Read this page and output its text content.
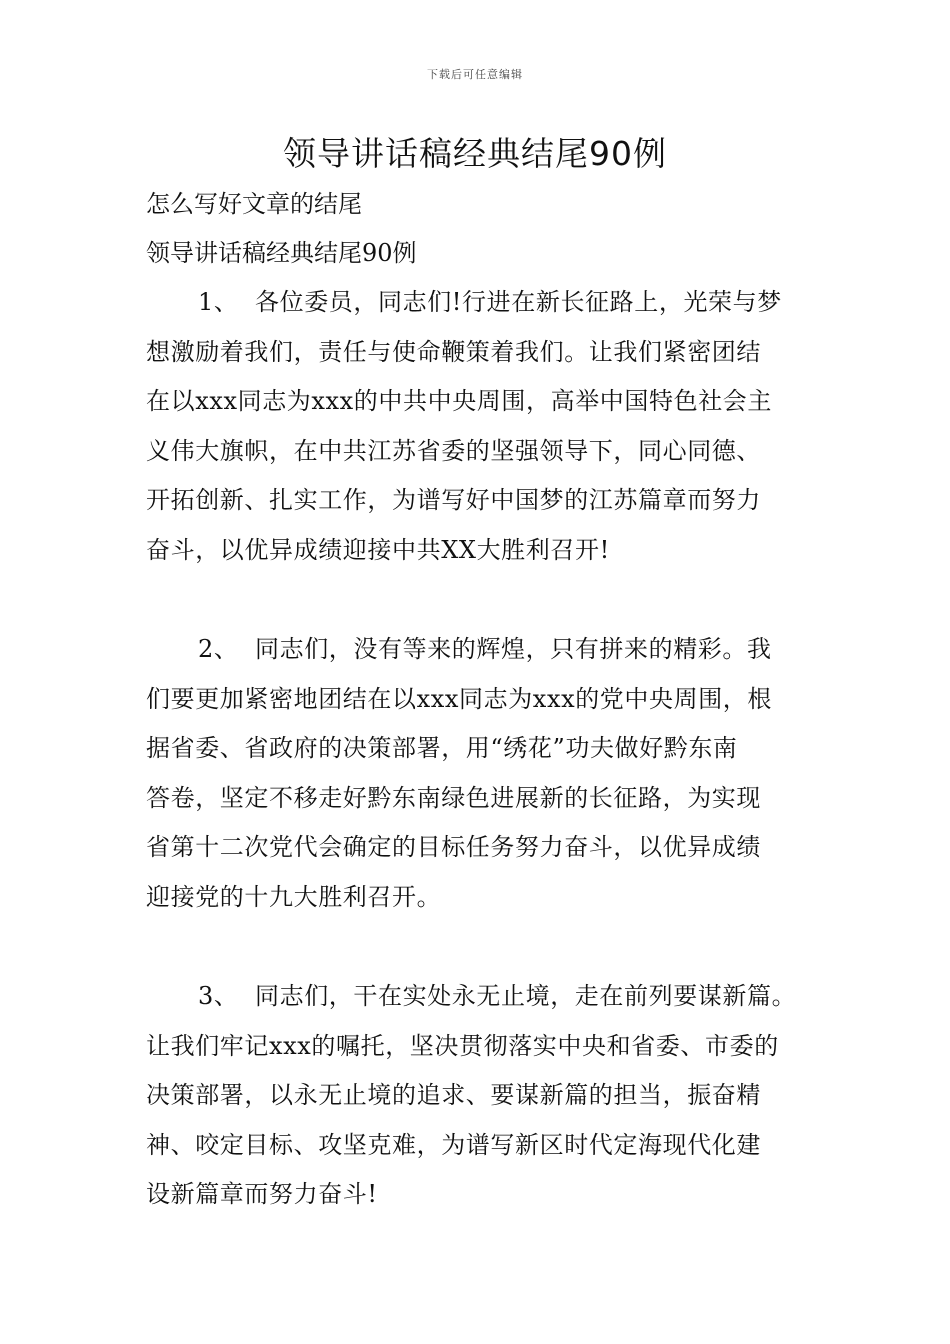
下载后可任意编辑
领导讲话稿经典结尾90例
怎么写好文章的结尾
领导讲话稿经典结尾90例
1、 各位委员，同志们!行进在新长征路上，光荣与梦
想激励着我们，责任与使命鞭策着我们。让我们紧密团结
在以xxx同志为xxx的中共中央周围，高举中国特色社会主
义伟大旗帜，在中共江苏省委的坚强领导下，同心同德、
开拓创新、扎实工作，为谱写好中国梦的江苏篇章而努力
奋斗，以优异成绩迎接中共XX大胜利召开!
2、 同志们，没有等来的辉煌，只有拼来的精彩。我
们要更加紧密地团结在以xxx同志为xxx的党中央周围，根
据省委、省政府的决策部署，用“绣花”功夫做好黔东南
答卷，坚定不移走好黔东南绿色进展新的长征路，为实现
省第十二次党代会确定的目标任务努力奋斗，以优异成绩
迎接党的十九大胜利召开。
3、 同志们，干在实处永无止境，走在前列要谋新篇。
让我们牢记xxx的嘱托，坚决贯彻落实中央和省委、市委的
决策部署，以永无止境的追求、要谋新篇的担当，振奋精
神、咬定目标、攻坚克难，为谱写新区时代定海现代化建
设新篇章而努力奋斗!
